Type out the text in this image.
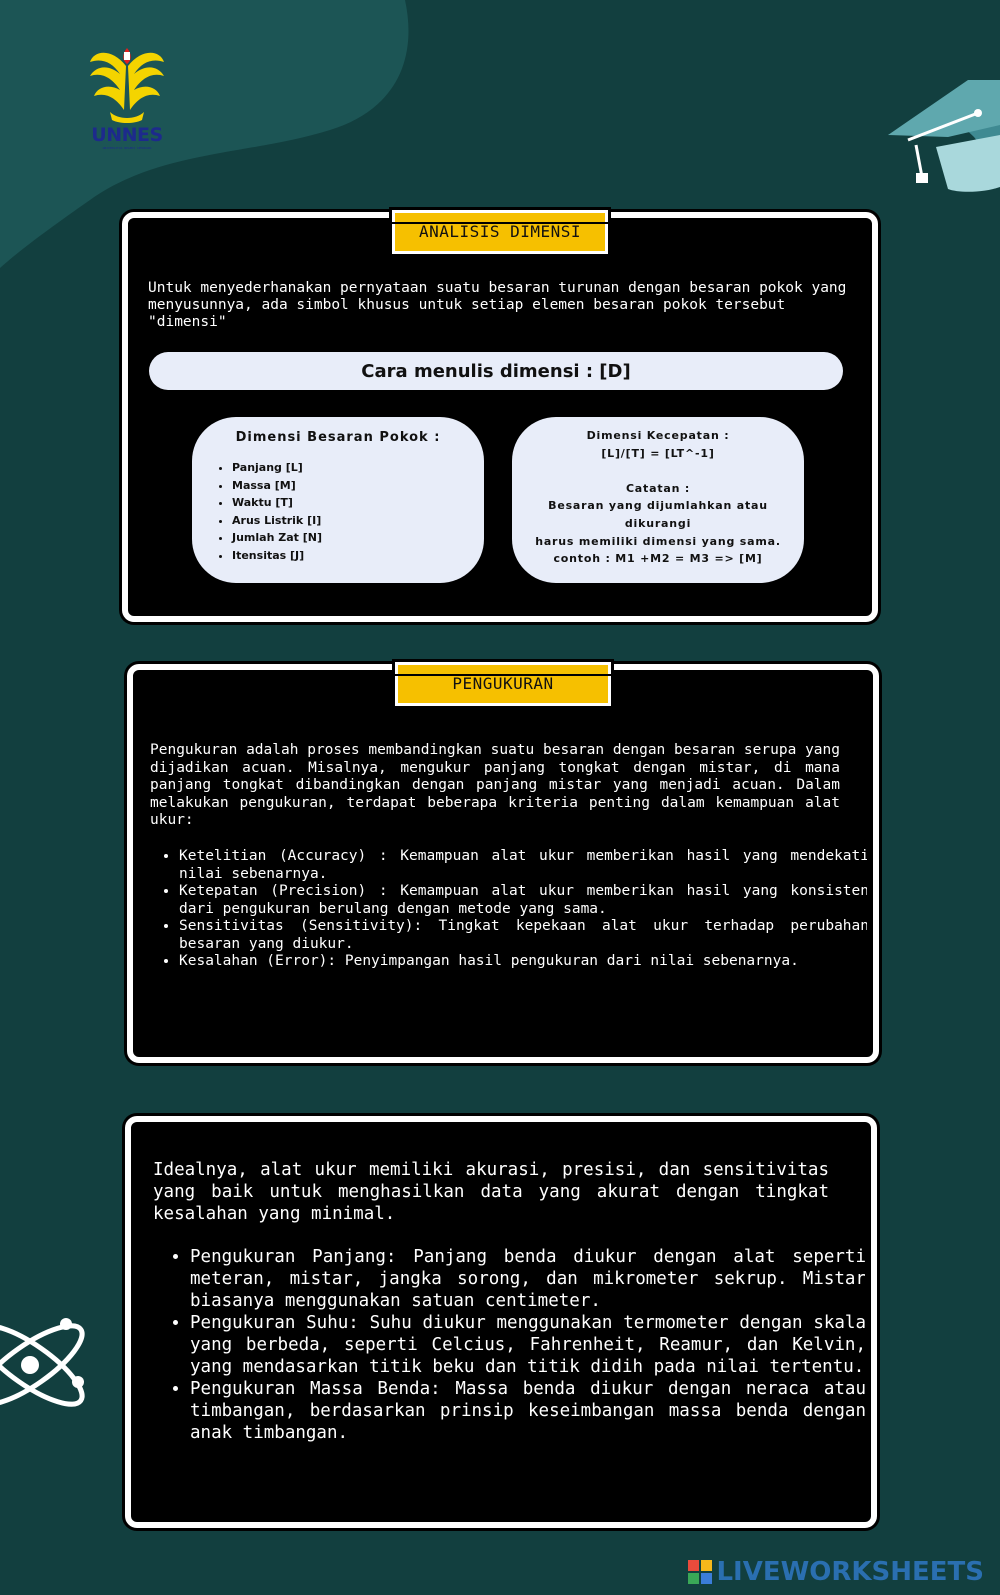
UNNES
UNIVERSITAS NEGERI SEMARANG
ANALISIS DIMENSI
Untuk menyederhanakan pernyataan suatu besaran turunan dengan besaran pokok yang menyusunnya, ada simbol khusus untuk setiap elemen besaran pokok tersebut "dimensi"
Cara menulis dimensi : [D]
Dimensi Besaran Pokok :
• Panjang [L]
• Massa [M]
• Waktu [T]
• Arus Listrik [I]
• Jumlah Zat [N]
• Itensitas [J]
Dimensi Kecepatan :
[L]/[T] = [LT^-1]
Catatan :
Besaran yang dijumlahkan atau dikurangi
harus memiliki dimensi yang sama.
contoh : M1 +M2 = M3 => [M]
PENGUKURAN
Pengukuran adalah proses membandingkan suatu besaran dengan besaran serupa yang dijadikan acuan. Misalnya, mengukur panjang tongkat dengan mistar, di mana panjang tongkat dibandingkan dengan panjang mistar yang menjadi acuan. Dalam melakukan pengukuran, terdapat beberapa kriteria penting dalam kemampuan alat ukur:
• Ketelitian (Accuracy) : Kemampuan alat ukur memberikan hasil yang mendekati nilai sebenarnya.
• Ketepatan (Precision) : Kemampuan alat ukur memberikan hasil yang konsisten dari pengukuran berulang dengan metode yang sama.
• Sensitivitas (Sensitivity): Tingkat kepekaan alat ukur terhadap perubahan besaran yang diukur.
• Kesalahan (Error): Penyimpangan hasil pengukuran dari nilai sebenarnya.
Idealnya, alat ukur memiliki akurasi, presisi, dan sensitivitas yang baik untuk menghasilkan data yang akurat dengan tingkat kesalahan yang minimal.
• Pengukuran Panjang: Panjang benda diukur dengan alat seperti meteran, mistar, jangka sorong, dan mikrometer sekrup. Mistar biasanya menggunakan satuan centimeter.
• Pengukuran Suhu: Suhu diukur menggunakan termometer dengan skala yang berbeda, seperti Celcius, Fahrenheit, Reamur, dan Kelvin, yang mendasarkan titik beku dan titik didih pada nilai tertentu.
• Pengukuran Massa Benda: Massa benda diukur dengan neraca atau timbangan, berdasarkan prinsip keseimbangan massa benda dengan anak timbangan.
LIVEWORKSHEETS
